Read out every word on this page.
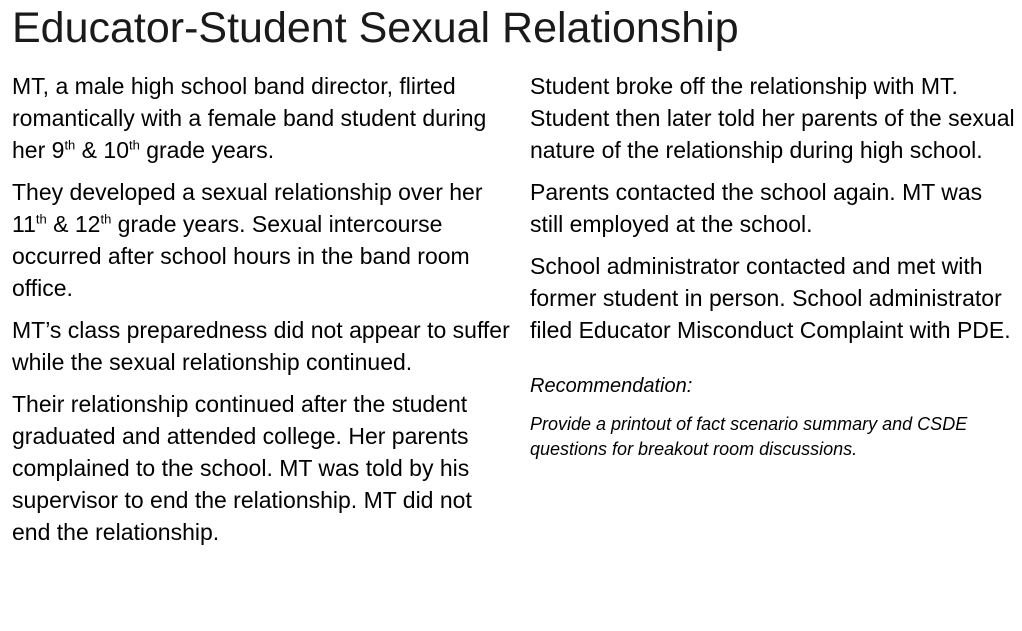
Educator-Student Sexual Relationship

MT, a male high school band director, flirted romantically with a female band student during her 9th & 10th grade years.

They developed a sexual relationship over her 11th & 12th grade years. Sexual intercourse occurred after school hours in the band room office.

MT’s class preparedness did not appear to suffer while the sexual relationship continued.

Their relationship continued after the student graduated and attended college. Her parents complained to the school. MT was told by his supervisor to end the relationship. MT did not end the relationship.

Student broke off the relationship with MT. Student then later told her parents of the sexual nature of the relationship during high school.

Parents contacted the school again. MT was still employed at the school.

School administrator contacted and met with former student in person. School administrator filed Educator Misconduct Complaint with PDE.

Recommendation:

Provide a printout of fact scenario summary and CSDE questions for breakout room discussions.
